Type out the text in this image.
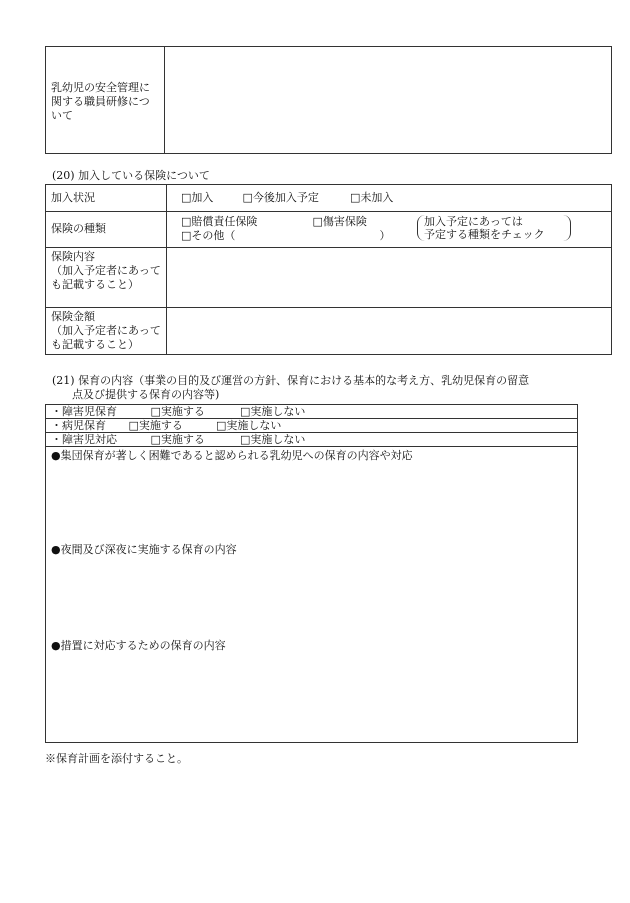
乳幼児の安全管理に関する職員研修について

(20) 加入している保険について
加入状況	□加入 □今後加入予定 □未加入
保険の種類	□賠償責任保険 □傷害保険
□その他（ ）
加入予定にあっては
予定する種類をチェック

保険内容
（加入予定者にあっても記載すること）	

保険金額
（加入予定者にあっても記載すること）	

(21) 保育の内容（事業の目的及び運営の方針、保育における基本的な考え方、乳幼児保育の留意
点及び提供する保育の内容等)
・障害児保育	□実施する	□実施しない
・病児保育 □実施する	□実施しない
・障害児対応	□実施する	□実施しない

●集団保育が著しく困難であると認められる乳幼児への保育の内容や対応
●夜間及び深夜に実施する保育の内容
●措置に対応するための保育の内容
※保育計画を添付すること。
